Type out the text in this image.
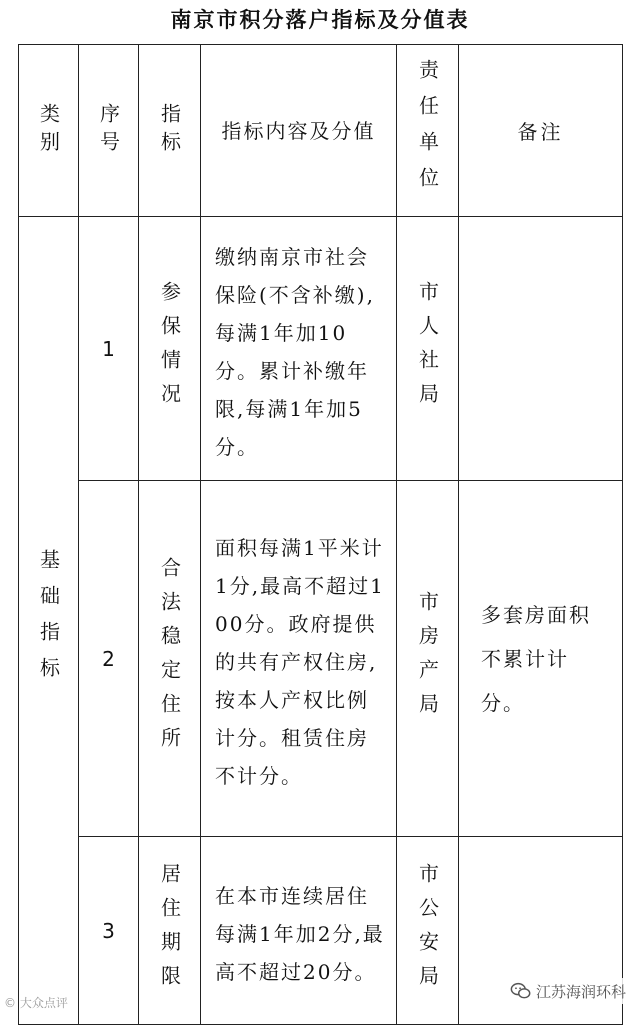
南京市积分落户指标及分值表
类别	序号	指标	指标内容及分值	责任单位	备注

基础指标	1	参保情况	缴纳南京市社会保险(不含补缴),每满1年加10分。累计补缴年限,每满1年加5分。	市人社局	

	2	合法稳定住所	面积每满1平米计1分,最高不超过100分。政府提供的共有产权住房,按本人产权比例计分。租赁住房不计分。	市房产局	多套房面积不累计计分。

	3	居住期限	在本市连续居住每满1年加2分,最高不超过20分。	市公安局	

© 大众点评
江苏海润环科
